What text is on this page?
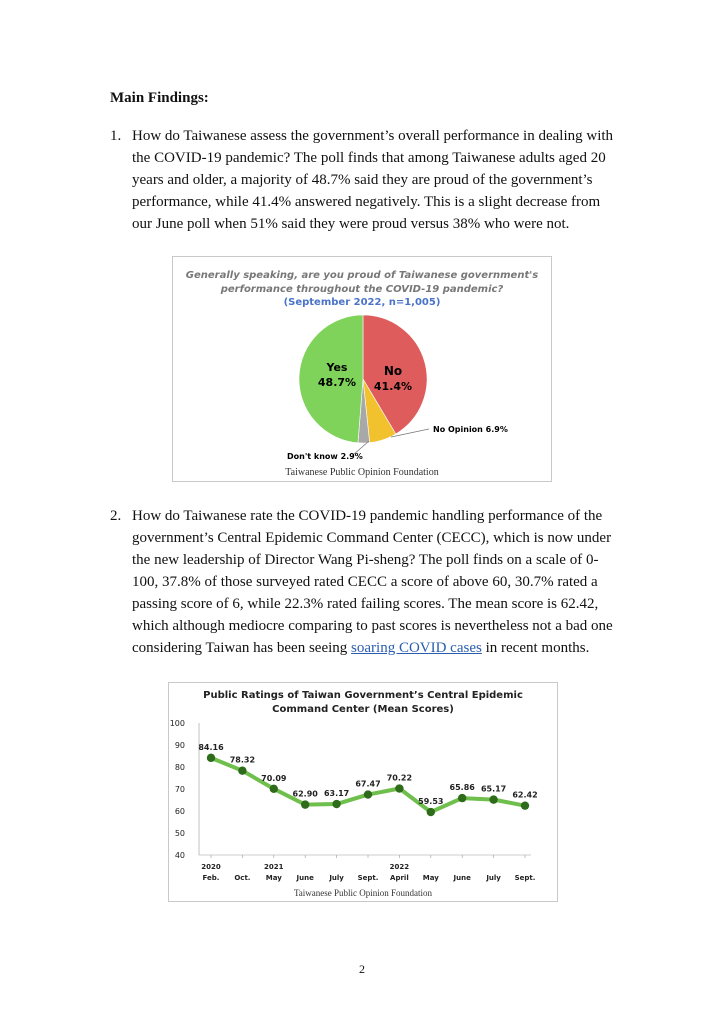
Main Findings:
1. How do Taiwanese assess the government’s overall performance in dealing with the COVID-19 pandemic? The poll finds that among Taiwanese adults aged 20 years and older, a majority of 48.7% said they are proud of the government’s performance, while 41.4% answered negatively. This is a slight decrease from our June poll when 51% said they were proud versus 38% who were not.
Yes
48.7%
No
41.4%
No Opinion 6.9%
Don't know 2.9%
Generally speaking, are you proud of Taiwanese government's
performance throughout the COVID-19 pandemic?
(September 2022, n=1,005)
Taiwanese Public Opinion Foundation
2. How do Taiwanese rate the COVID-19 pandemic handling performance of the government’s Central Epidemic Command Center (CECC), which is now under the new leadership of Director Wang Pi-sheng? The poll finds on a scale of 0-100, 37.8% of those surveyed rated CECC a score of above 60, 30.7% rated a passing score of 6, while 22.3% rated failing scores. The mean score is 62.42, which although mediocre comparing to past scores is nevertheless not a bad one considering Taiwan has been seeing soaring COVID cases in recent months.
Public Ratings of Taiwan Government’s Central Epidemic
Command Center (Mean Scores)
40
50
60
70
80
90
100
84.16
78.32
70.09
62.90 63.17
67.47
70.22
59.53
65.86 65.17
62.42
Feb.
2020
Oct. May
2021
June July Sept. April
2022
May June July Sept.
Taiwanese Public Opinion Foundation
2
